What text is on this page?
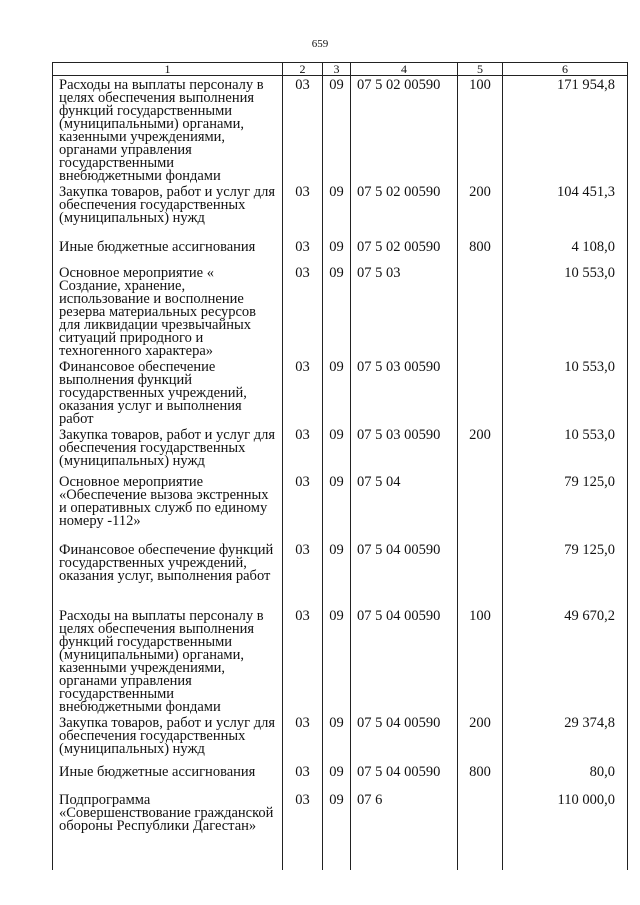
659
1	2	3	4	5	6
Расходы на выплаты персоналу в целях обеспечения выполнения функций государственными (муниципальными) органами, казенными учреждениями, органами управления государственными внебюджетными фондами	03	09	07 5 02 00590	100	171 954,8
Закупка товаров, работ и услуг для обеспечения государственных (муниципальных) нужд	03	09	07 5 02 00590	200	104 451,3
Иные бюджетные ассигнования	03	09	07 5 02 00590	800	4 108,0
Основное мероприятие « Создание, хранение, использование и восполнение резерва материальных ресурсов для ликвидации чрезвычайных ситуаций природного и техногенного характера»	03	09	07 5 03		10 553,0
Финансовое обеспечение выполнения функций государственных учреждений, оказания услуг и выполнения работ	03	09	07 5 03 00590		10 553,0
Закупка товаров, работ и услуг для обеспечения государственных (муниципальных) нужд	03	09	07 5 03 00590	200	10 553,0
Основное мероприятие «Обеспечение вызова экстренных и оперативных служб по единому номеру -112»	03	09	07 5 04		79 125,0
Финансовое обеспечение функций государственных учреждений, оказания услуг, выполнения работ	03	09	07 5 04 00590		79 125,0
Расходы на выплаты персоналу в целях обеспечения выполнения функций государственными (муниципальными) органами, казенными учреждениями, органами управления государственными внебюджетными фондами	03	09	07 5 04 00590	100	49 670,2
Закупка товаров, работ и услуг для обеспечения государственных (муниципальных) нужд	03	09	07 5 04 00590	200	29 374,8
Иные бюджетные ассигнования	03	09	07 5 04 00590	800	80,0
Подпрограмма «Совершенствование гражданской обороны Республики Дагестан»	03	09	07 6		110 000,0
